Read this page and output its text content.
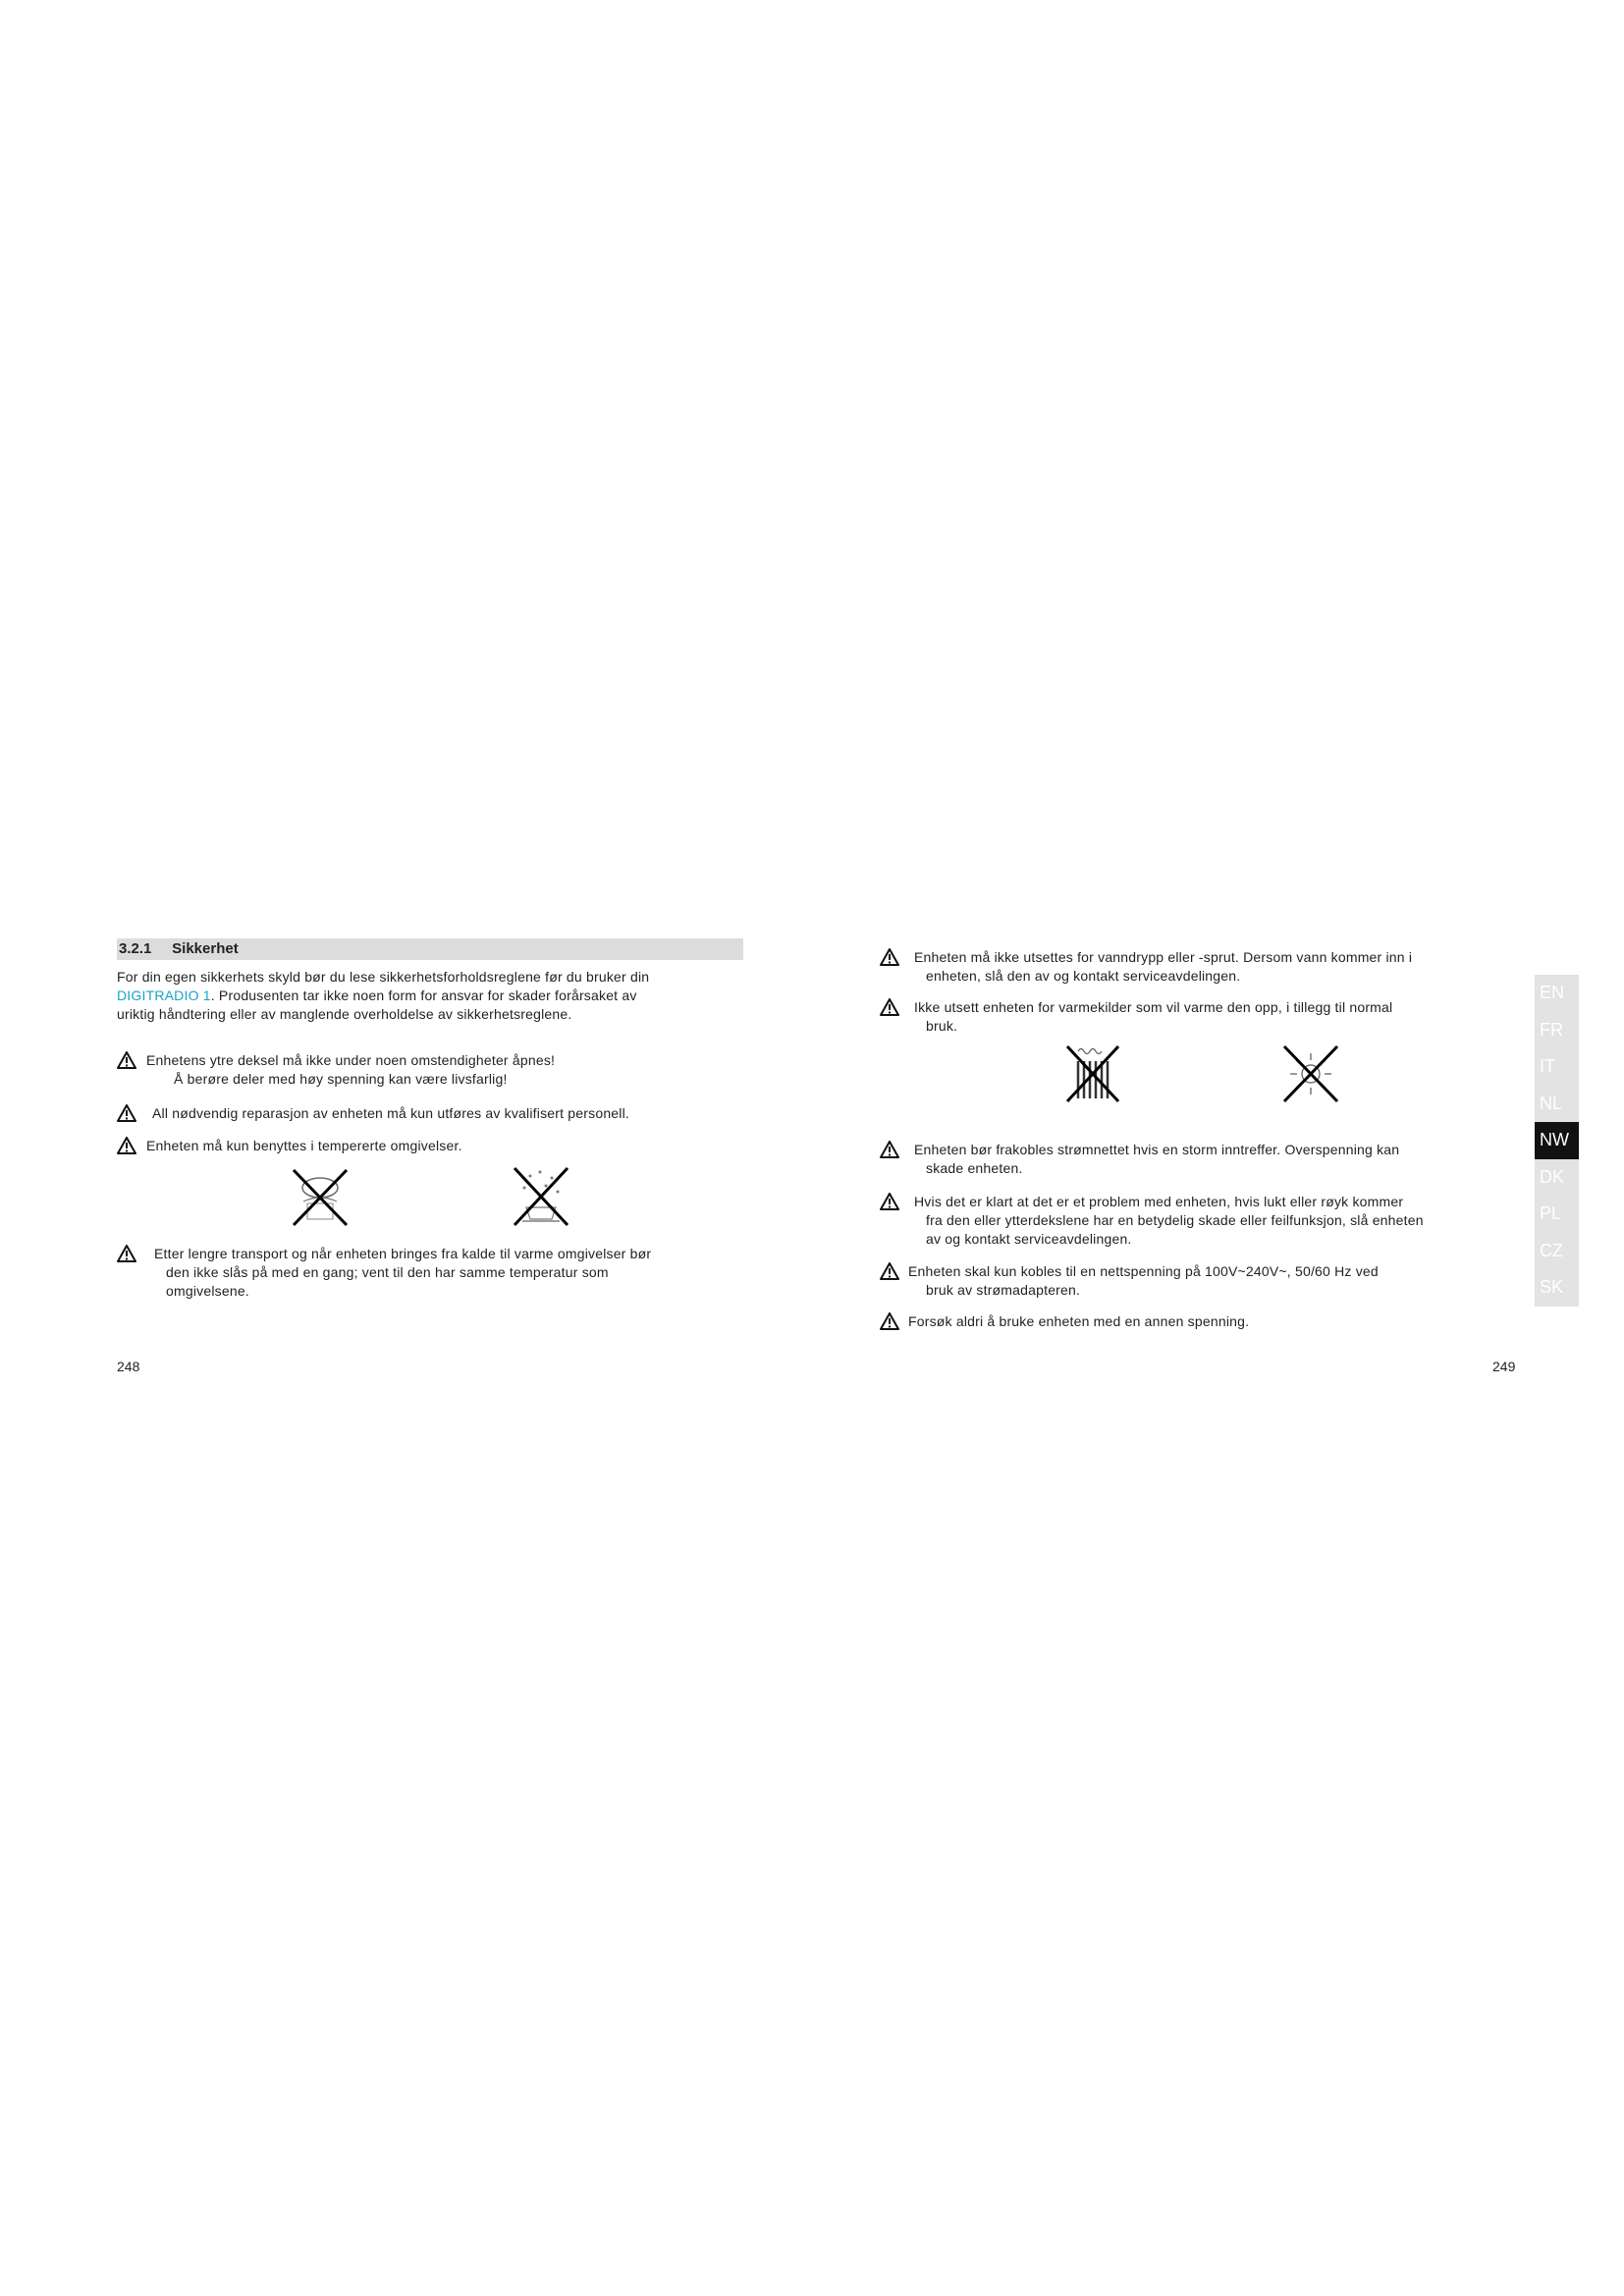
3.2.1 Sikkerhet
For din egen sikkerhets skyld bør du lese sikkerhetsforholdsreglene før du bruker din
DIGITRADIO 1. Produsenten tar ikke noen form for ansvar for skader forårsaket av
uriktig håndtering eller av manglende overholdelse av sikkerhetsreglene.
Enhetens ytre deksel må ikke under noen omstendigheter åpnes!
Å berøre deler med høy spenning kan være livsfarlig!
All nødvendig reparasjon av enheten må kun utføres av kvalifisert personell.
Enheten må kun benyttes i tempererte omgivelser.
Etter lengre transport og når enheten bringes fra kalde til varme omgivelser bør
den ikke slås på med en gang; vent til den har samme temperatur som
omgivelsene.
248
Enheten må ikke utsettes for vanndrypp eller -sprut. Dersom vann kommer inn i
enheten, slå den av og kontakt serviceavdelingen.
Ikke utsett enheten for varmekilder som vil varme den opp, i tillegg til normal
bruk.
Enheten bør frakobles strømnettet hvis en storm inntreffer. Overspenning kan
skade enheten.
Hvis det er klart at det er et problem med enheten, hvis lukt eller røyk kommer
fra den eller ytterdekslene har en betydelig skade eller feilfunksjon, slå enheten
av og kontakt serviceavdelingen.
Enheten skal kun kobles til en nettspenning på 100V~240V~, 50/60 Hz ved
bruk av strømadapteren.
Forsøk aldri å bruke enheten med en annen spenning.
249
EN
FR
IT
NL
NW
DK
PL
CZ
SK
